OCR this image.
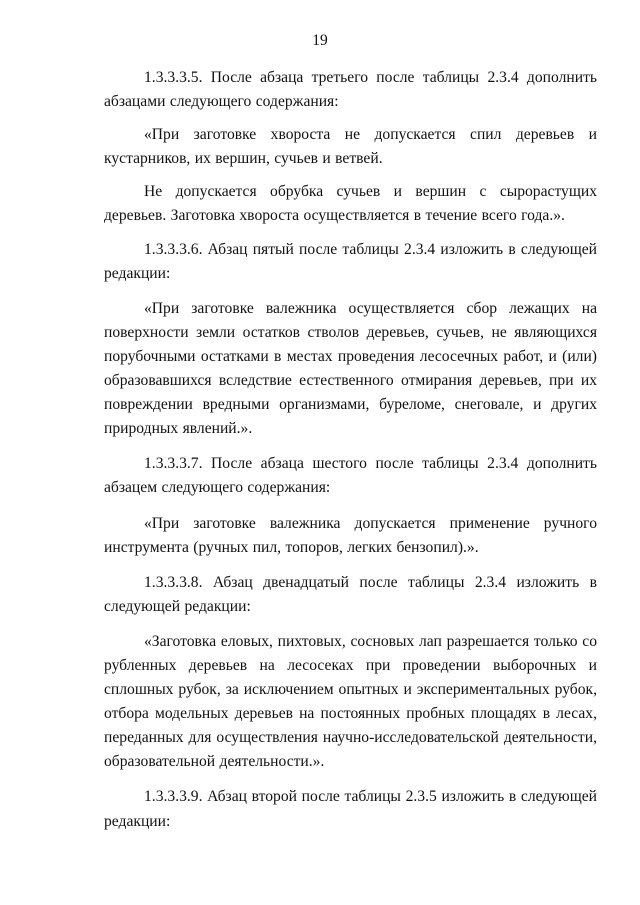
19

1.3.3.3.5. После абзаца третьего после таблицы 2.3.4 дополнить абзацами следующего содержания:

«При заготовке хвороста не допускается спил деревьев и кустарников, их вершин, сучьев и ветвей.

Не допускается обрубка сучьев и вершин с сырорастущих деревьев. Заготовка хвороста осуществляется в течение всего года.».

1.3.3.3.6. Абзац пятый после таблицы 2.3.4 изложить в следующей редакции:

«При заготовке валежника осуществляется сбор лежащих на поверхности земли остатков стволов деревьев, сучьев, не являющихся порубочными остатками в местах проведения лесосечных работ, и (или) образовавшихся вследствие естественного отмирания деревьев, при их повреждении вредными организмами, буреломе, снеговале, и других природных явлений.».

1.3.3.3.7. После абзаца шестого после таблицы 2.3.4 дополнить абзацем следующего содержания:

«При заготовке валежника допускается применение ручного инструмента (ручных пил, топоров, легких бензопил).».

1.3.3.3.8. Абзац двенадцатый после таблицы 2.3.4 изложить в следующей редакции:

«Заготовка еловых, пихтовых, сосновых лап разрешается только со рубленных деревьев на лесосеках при проведении выборочных и сплошных рубок, за исключением опытных и экспериментальных рубок, отбора модельных деревьев на постоянных пробных площадях в лесах, переданных для осуществления научно-исследовательской деятельности, образовательной деятельности.».

1.3.3.3.9. Абзац второй после таблицы 2.3.5 изложить в следующей редакции:
